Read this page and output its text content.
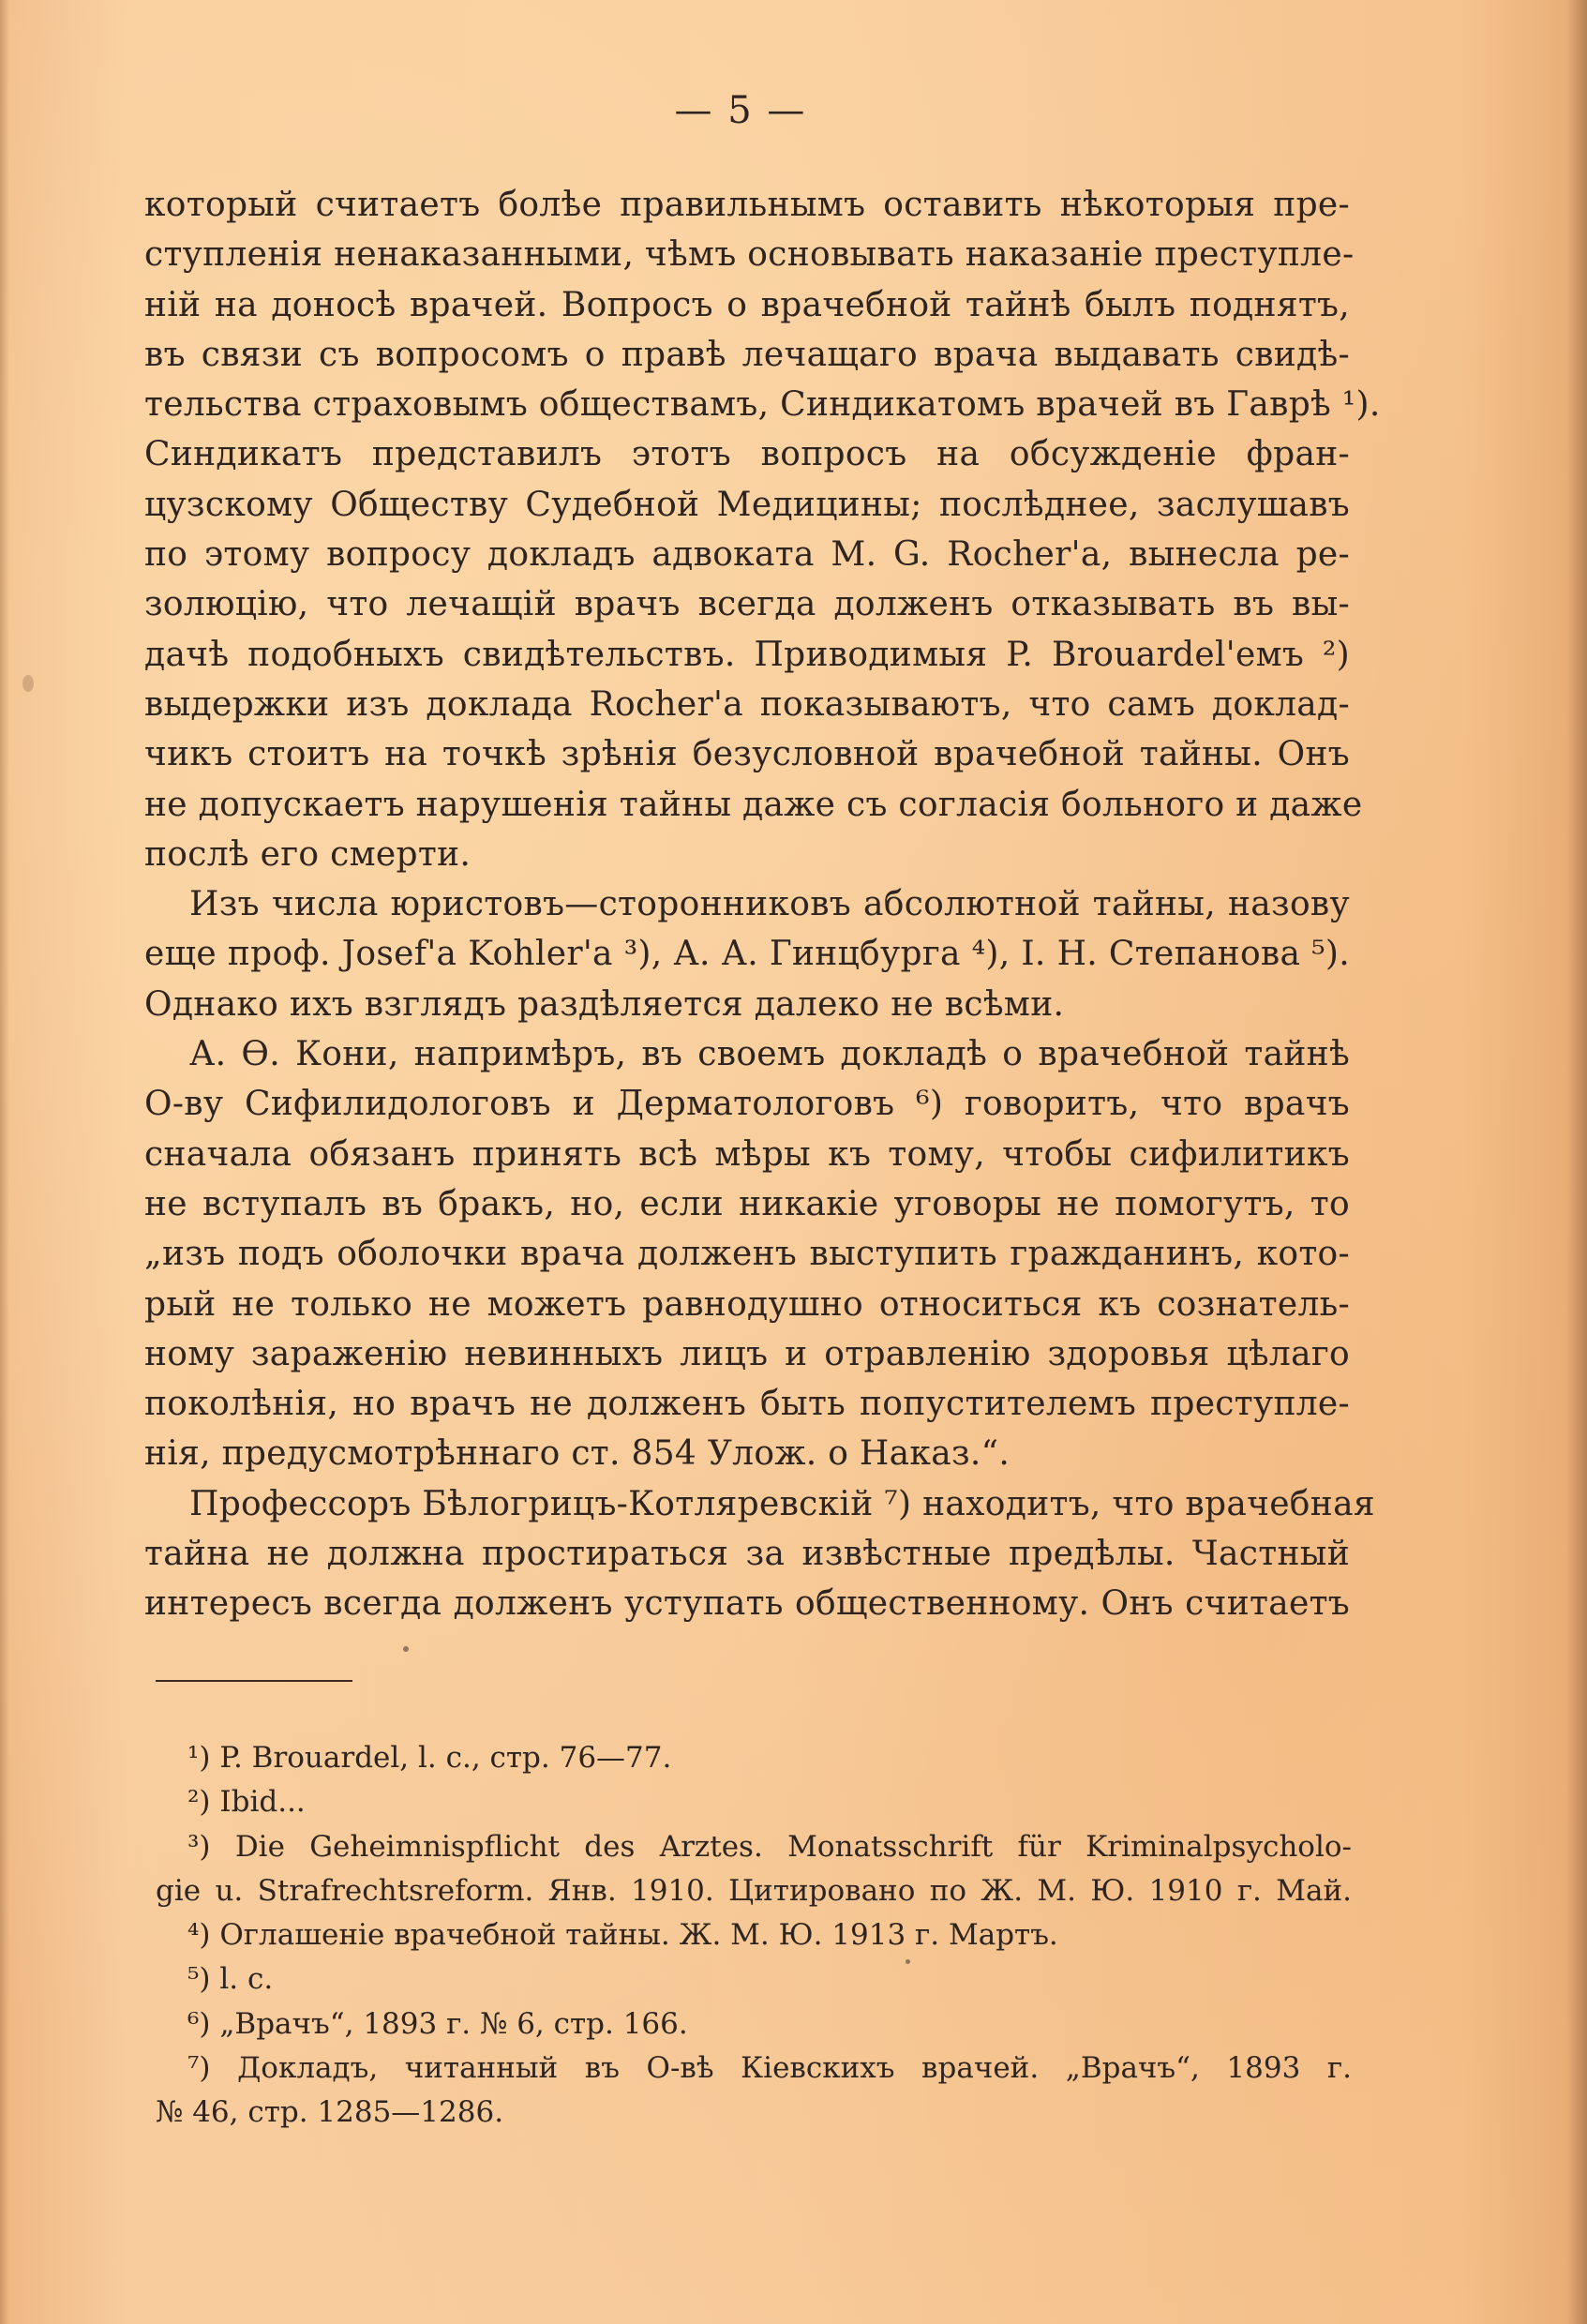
— 5 —
который считаетъ болѣе правильнымъ оставить нѣкоторыя пре-
ступленія ненаказанными, чѣмъ основывать наказаніе преступле-
ній на доносѣ врачей. Вопросъ о врачебной тайнѣ былъ поднятъ,
въ связи съ вопросомъ о правѣ лечащаго врача выдавать свидѣ-
тельства страховымъ обществамъ, Синдикатомъ врачей въ Гаврѣ ¹).
Синдикатъ представилъ этотъ вопросъ на обсужденіе фран-
цузскому Обществу Судебной Медицины; послѣднее, заслушавъ
по этому вопросу докладъ адвоката M. G. Rocher'а, вынесла ре-
золюцію, что лечащій врачъ всегда долженъ отказывать въ вы-
дачѣ подобныхъ свидѣтельствъ. Приводимыя P. Brouardel'емъ ²)
выдержки изъ доклада Rocher'а показываютъ, что самъ доклад-
чикъ стоитъ на точкѣ зрѣнія безусловной врачебной тайны. Онъ
не допускаетъ нарушенія тайны даже съ согласія больного и даже
послѣ его смерти.
Изъ числа юристовъ—сторонниковъ абсолютной тайны, назову
еще проф. Josef'а Kohler'а ³), А. А. Гинцбурга ⁴), І. Н. Степанова ⁵).
Однако ихъ взглядъ раздѣляется далеко не всѣми.
А. Ѳ. Кони, напримѣръ, въ своемъ докладѣ о врачебной тайнѣ
О-ву Сифилидологовъ и Дерматологовъ ⁶) говоритъ, что врачъ
сначала обязанъ принять всѣ мѣры къ тому, чтобы сифилитикъ
не вступалъ въ бракъ, но, если никакіе уговоры не помогутъ, то
„изъ подъ оболочки врача долженъ выступить гражданинъ, кото-
рый не только не можетъ равнодушно относиться къ сознатель-
ному зараженію невинныхъ лицъ и отравленію здоровья цѣлаго
поколѣнія, но врачъ не долженъ быть попустителемъ преступле-
нія, предусмотрѣннаго ст. 854 Улож. о Наказ.“.
Профессоръ Бѣлогрицъ-Котляревскій ⁷) находитъ, что врачебная
тайна не должна простираться за извѣстные предѣлы. Частный
интересъ всегда долженъ уступать общественному. Онъ считаетъ
¹) P. Brouardel, l. c., стр. 76—77.
²) Ibid...
³) Die Geheimnispflicht des Arztes. Monatsschrift für Kriminalpsycholo-
gie u. Strafrechtsreform. Янв. 1910. Цитировано по Ж. М. Ю. 1910 г. Май.
⁴) Оглашеніе врачебной тайны. Ж. М. Ю. 1913 г. Мартъ.
⁵) l. c.
⁶) „Врачъ“, 1893 г. № 6, стр. 166.
⁷) Докладъ, читанный въ О-вѣ Кіевскихъ врачей. „Врачъ“, 1893 г.
№ 46, стр. 1285—1286.
